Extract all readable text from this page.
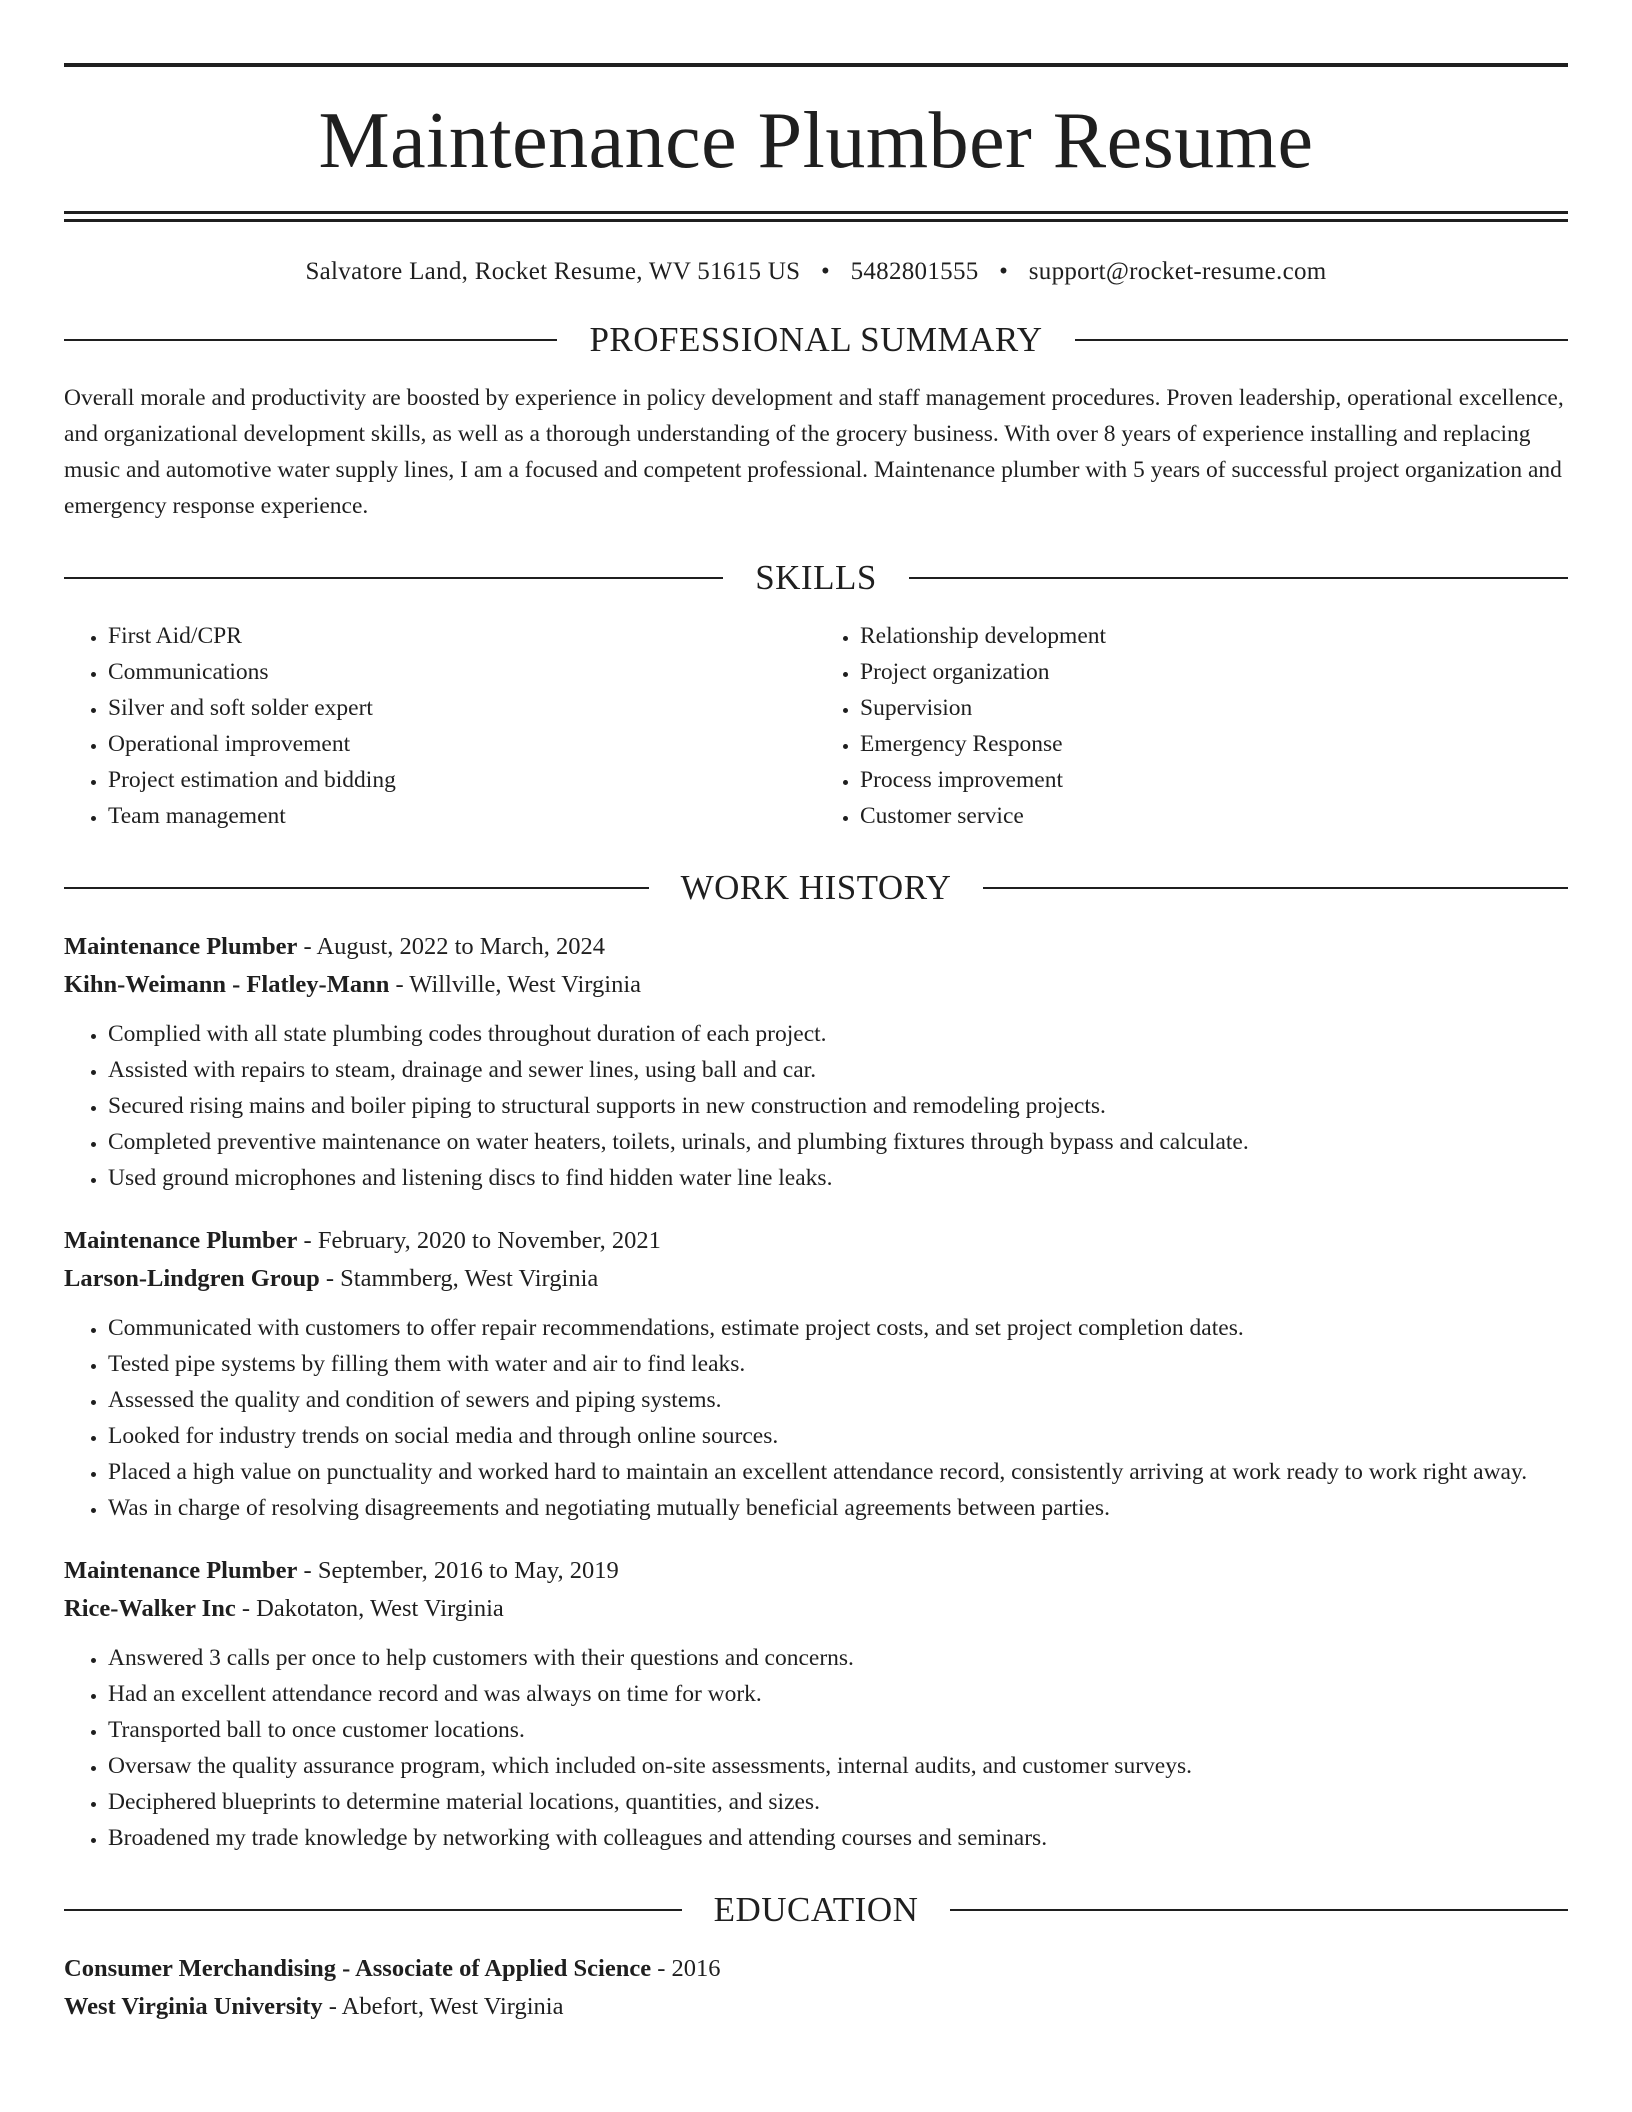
Maintenance Plumber Resume
Salvatore Land, Rocket Resume, WV 51615 US • 5482801555 • support@rocket-resume.com
PROFESSIONAL SUMMARY

Overall morale and productivity are boosted by experience in policy development and staff management procedures. Proven leadership, operational excellence, and organizational development skills, as well as a thorough understanding of the grocery business. With over 8 years of experience installing and replacing music and automotive water supply lines, I am a focused and competent professional. Maintenance plumber with 5 years of successful project organization and emergency response experience.

SKILLS
• First Aid/CPR
• Communications
• Silver and soft solder expert
• Operational improvement
• Project estimation and bidding
• Team management
• Relationship development
• Project organization
• Supervision
• Emergency Response
• Process improvement
• Customer service
WORK HISTORY
Maintenance Plumber - August, 2022 to March, 2024
Kihn-Weimann - Flatley-Mann - Willville, West Virginia
• Complied with all state plumbing codes throughout duration of each project.
• Assisted with repairs to steam, drainage and sewer lines, using ball and car.
• Secured rising mains and boiler piping to structural supports in new construction and remodeling projects.
• Completed preventive maintenance on water heaters, toilets, urinals, and plumbing fixtures through bypass and calculate.
• Used ground microphones and listening discs to find hidden water line leaks.
Maintenance Plumber - February, 2020 to November, 2021
Larson-Lindgren Group - Stammberg, West Virginia
• Communicated with customers to offer repair recommendations, estimate project costs, and set project completion dates.
• Tested pipe systems by filling them with water and air to find leaks.
• Assessed the quality and condition of sewers and piping systems.
• Looked for industry trends on social media and through online sources.
• Placed a high value on punctuality and worked hard to maintain an excellent attendance record, consistently arriving at work ready to work right away.
• Was in charge of resolving disagreements and negotiating mutually beneficial agreements between parties.
Maintenance Plumber - September, 2016 to May, 2019
Rice-Walker Inc - Dakotaton, West Virginia
• Answered 3 calls per once to help customers with their questions and concerns.
• Had an excellent attendance record and was always on time for work.
• Transported ball to once customer locations.
• Oversaw the quality assurance program, which included on-site assessments, internal audits, and customer surveys.
• Deciphered blueprints to determine material locations, quantities, and sizes.
• Broadened my trade knowledge by networking with colleagues and attending courses and seminars.
EDUCATION
Consumer Merchandising - Associate of Applied Science - 2016
West Virginia University - Abefort, West Virginia
